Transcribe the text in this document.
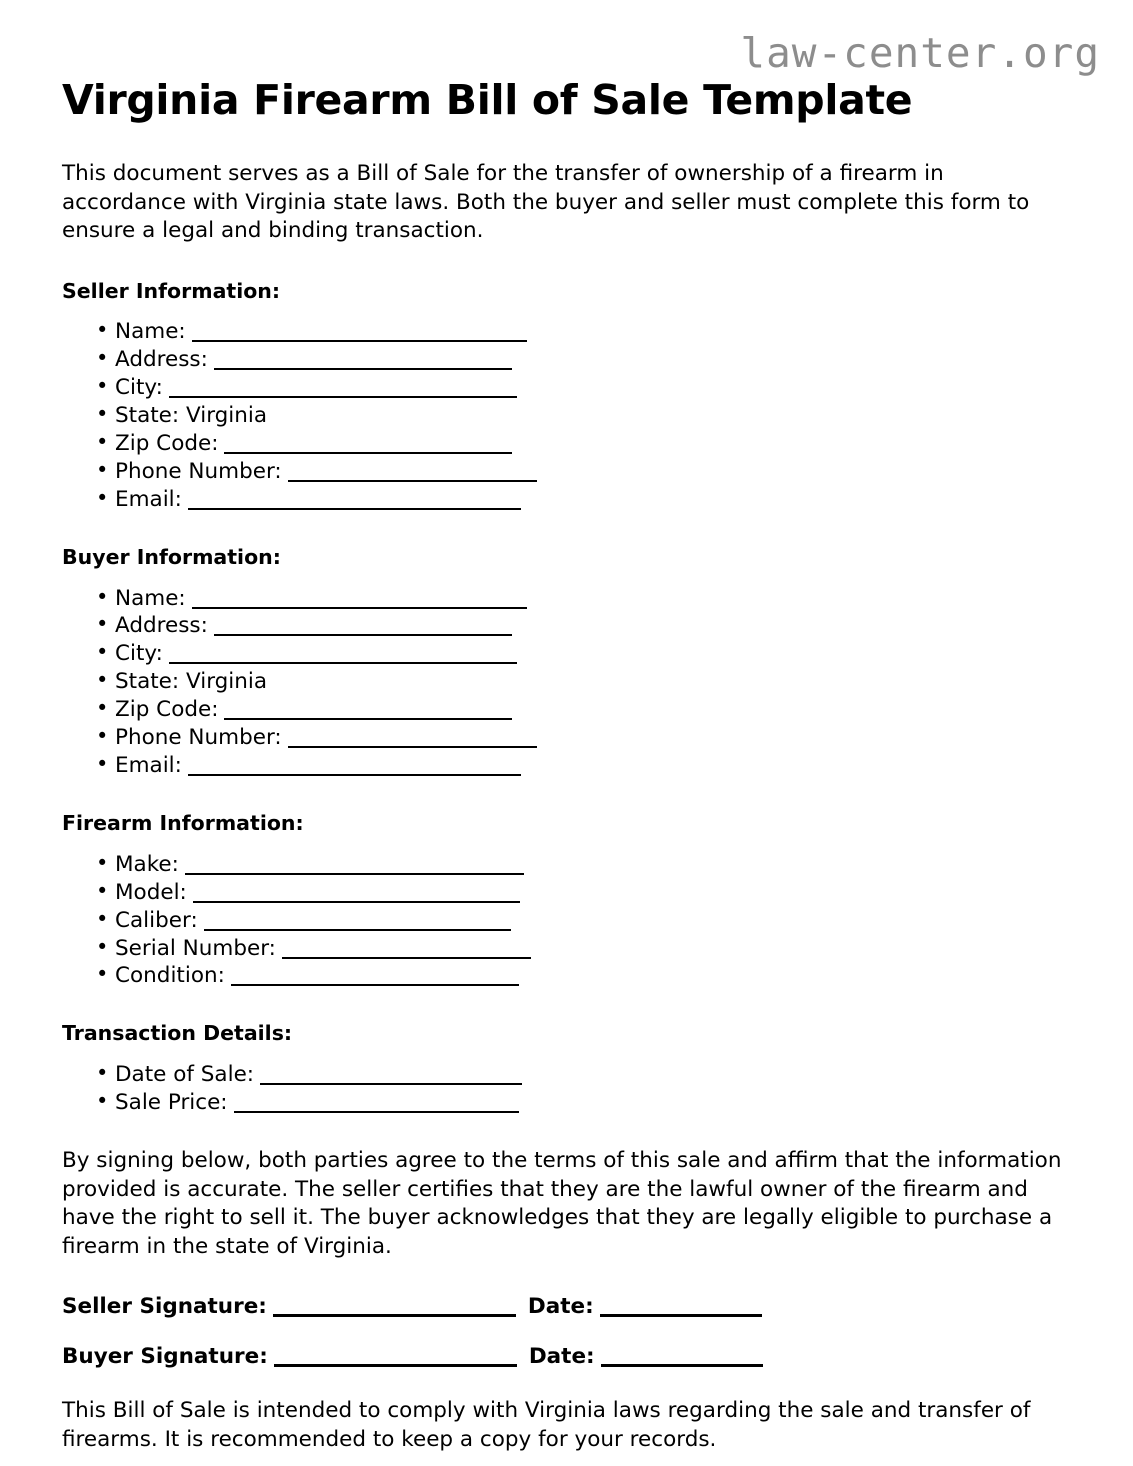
law-center.org
Virginia Firearm Bill of Sale Template

This document serves as a Bill of Sale for the transfer of ownership of a firearm in accordance with Virginia state laws. Both the buyer and seller must complete this form to ensure a legal and binding transaction.

Seller Information:
• Name:
• Address:
• City:
• State: Virginia
• Zip Code:
• Phone Number:
• Email:
Buyer Information:
• Name:
• Address:
• City:
• State: Virginia
• Zip Code:
• Phone Number:
• Email:
Firearm Information:
• Make:
• Model:
• Caliber:
• Serial Number:
• Condition:
Transaction Details:
• Date of Sale:
• Sale Price:

By signing below, both parties agree to the terms of this sale and affirm that the information provided is accurate. The seller certifies that they are the lawful owner of the firearm and have the right to sell it. The buyer acknowledges that they are legally eligible to purchase a firearm in the state of Virginia.

Seller Signature:	Date:
Buyer Signature:	Date:

This Bill of Sale is intended to comply with Virginia laws regarding the sale and transfer of firearms. It is recommended to keep a copy for your records.
